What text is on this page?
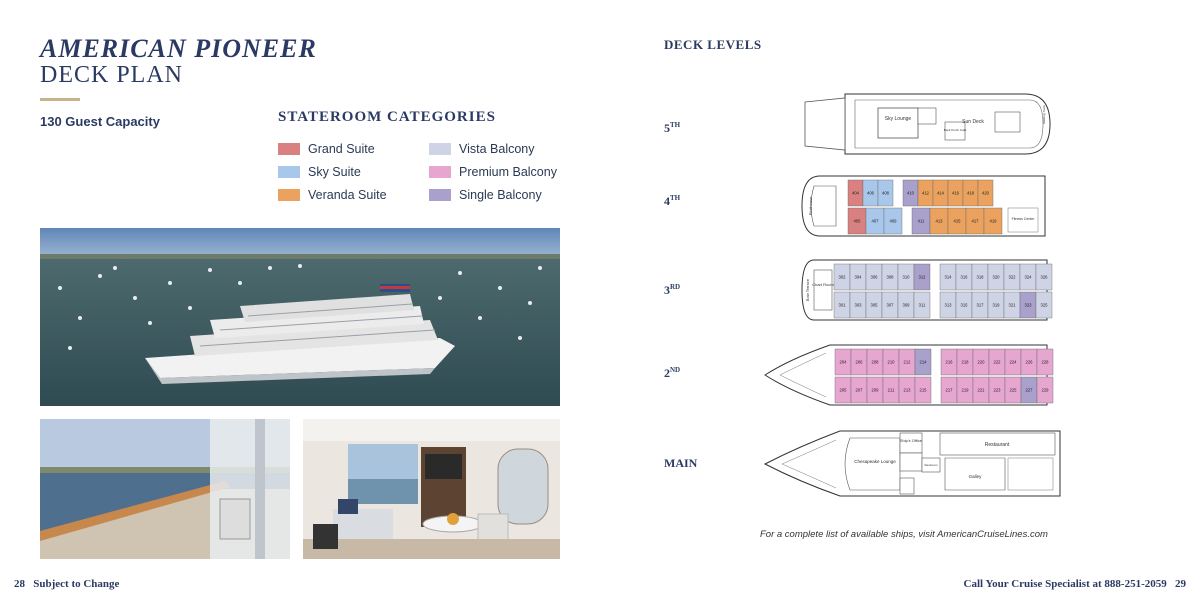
AMERICAN PIONEER
DECK PLAN
130 Guest Capacity	STATEROOM CATEGORIES
Grand Suite
Sky Suite
Veranda Suite
Vista Balcony
Premium Balcony
Single Balcony
DECK LEVELS
5TH
4TH
3RD
2ND
MAIN
Sky Lounge	Sun Deck
Back Porch Café
Walking Track
Pilothouse
404 406 408	410 412 414 416 418 420
405	407	409	411	413	415	417	419	Fitness Center
Bow Terrace Chart Room
302 304 306 308 310 312	314 316 318 320 322 324 326
301 303 305 307 309 311	313 315 317 319 321 323 325
204 206 208 210 212 214	216 218 220 222 224 226 228
205 207 209 211 213 215	217 219 221 223 225 227 229
Chesapeake Lounge
Ship's Office
Restroom
Restaurant
Galley
For a complete list of available ships, visit AmericanCruiseLines.com
28   Subject to Change	Call Your Cruise Specialist at 888-251-2059   29
